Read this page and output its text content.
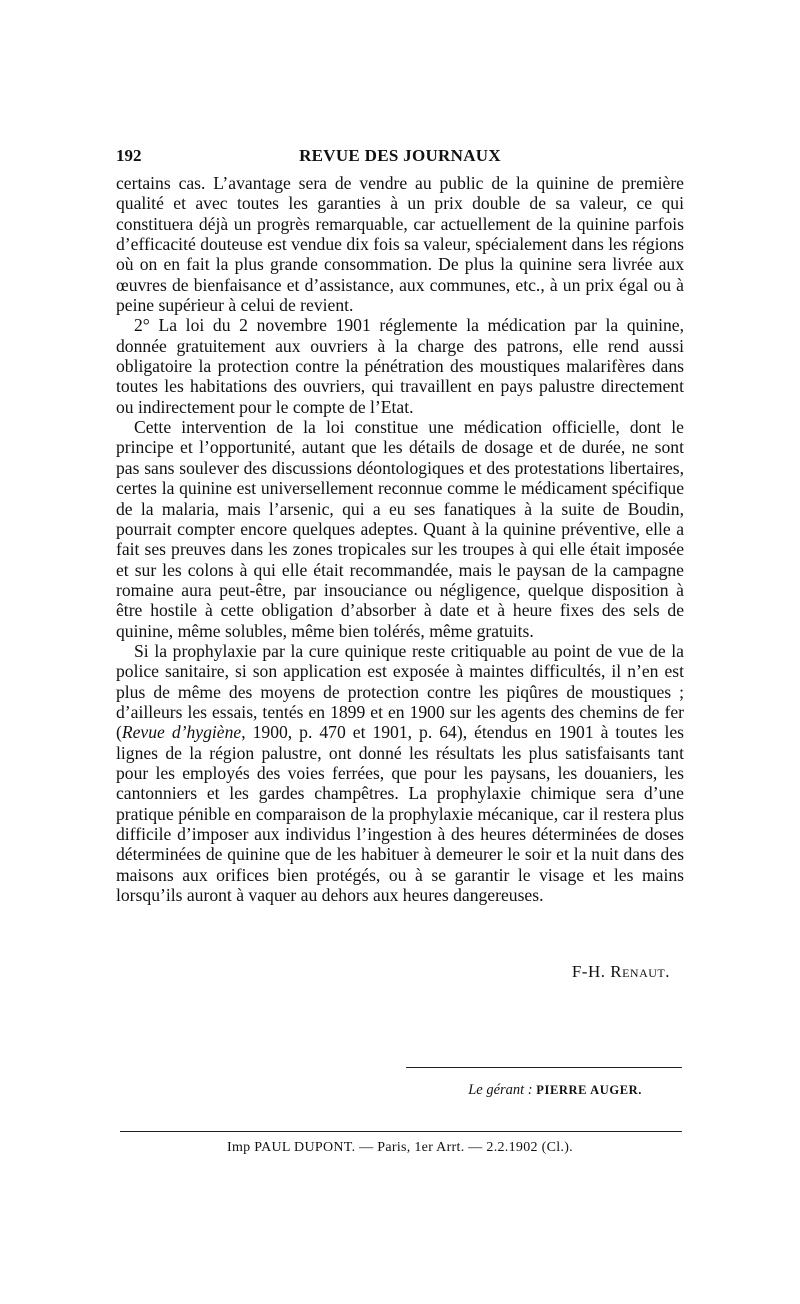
192	REVUE DES JOURNAUX

certains cas. L’avantage sera de vendre au public de la quinine de première qualité et avec toutes les garanties à un prix double de sa valeur, ce qui constituera déjà un progrès remarquable, car actuellement de la quinine parfois d’efficacité douteuse est vendue dix fois sa valeur, spécialement dans les régions où on en fait la plus grande consommation. De plus la quinine sera livrée aux œuvres de bienfaisance et d’assistance, aux communes, etc., à un prix égal ou à peine supérieur à celui de revient.

2° La loi du 2 novembre 1901 réglemente la médication par la quinine, donnée gratuitement aux ouvriers à la charge des patrons, elle rend aussi obligatoire la protection contre la pénétration des moustiques malarifères dans toutes les habitations des ouvriers, qui travaillent en pays palustre directement ou indirectement pour le compte de l’Etat.

Cette intervention de la loi constitue une médication officielle, dont le principe et l’opportunité, autant que les détails de dosage et de durée, ne sont pas sans soulever des discussions déontologiques et des protestations libertaires, certes la quinine est universellement reconnue comme le médicament spécifique de la malaria, mais l’arsenic, qui a eu ses fanatiques à la suite de Boudin, pourrait compter encore quelques adeptes. Quant à la quinine préventive, elle a fait ses preuves dans les zones tropicales sur les troupes à qui elle était imposée et sur les colons à qui elle était recommandée, mais le paysan de la campagne romaine aura peut-être, par insouciance ou négligence, quelque disposition à être hostile à cette obligation d’absorber à date et à heure fixes des sels de quinine, même solubles, même bien tolérés, même gratuits.

Si la prophylaxie par la cure quinique reste critiquable au point de vue de la police sanitaire, si son application est exposée à maintes difficultés, il n’en est plus de même des moyens de protection contre les piqûres de moustiques ; d’ailleurs les essais, tentés en 1899 et en 1900 sur les agents des chemins de fer (Revue d’hygiène, 1900, p. 470 et 1901, p. 64), étendus en 1901 à toutes les lignes de la région palustre, ont donné les résultats les plus satisfaisants tant pour les employés des voies ferrées, que pour les paysans, les douaniers, les cantonniers et les gardes champêtres. La prophylaxie chimique sera d’une pratique pénible en comparaison de la prophylaxie mécanique, car il restera plus difficile d’imposer aux individus l’ingestion à des heures déterminées de doses déterminées de quinine que de les habituer à demeurer le soir et la nuit dans des maisons aux orifices bien protégés, ou à se garantir le visage et les mains lorsqu’ils auront à vaquer au dehors aux heures dangereuses.

F-H. Renaut.
Le gérant : PIERRE AUGER.
Imp PAUL DUPONT. — Paris, 1er Arrt. — 2.2.1902 (Cl.).
